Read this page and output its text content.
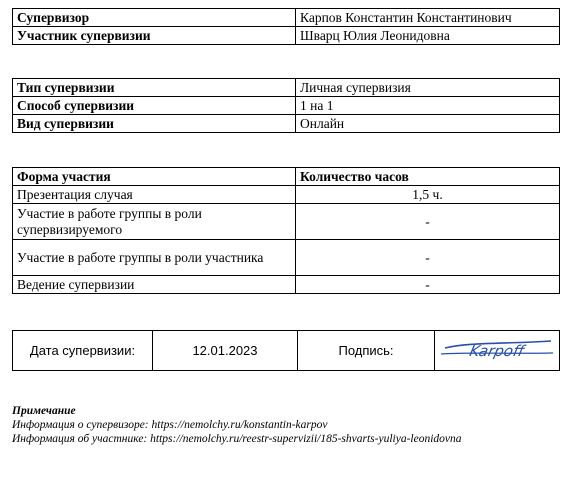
Супервизор	Карпов Константин Константинович
Участник супервизии	Шварц Юлия Леонидовна
Тип супервизии	Личная супервизия
Способ супервизии	1 на 1
Вид супервизии	Онлайн
Форма участия	Количество часов
Презентация случая	1,5 ч.
Участие в работе группы в роли супервизируемого	-
Участие в работе группы в роли участника	-
Ведение супервизии	-
Дата супервизии:	12.01.2023	Подпись:	Karpoff
Примечание
Информация о супервизоре: https://nemolchy.ru/konstantin-karpov
Информация об участнике: https://nemolchy.ru/reestr-supervizii/185-shvarts-yuliya-leonidovna
